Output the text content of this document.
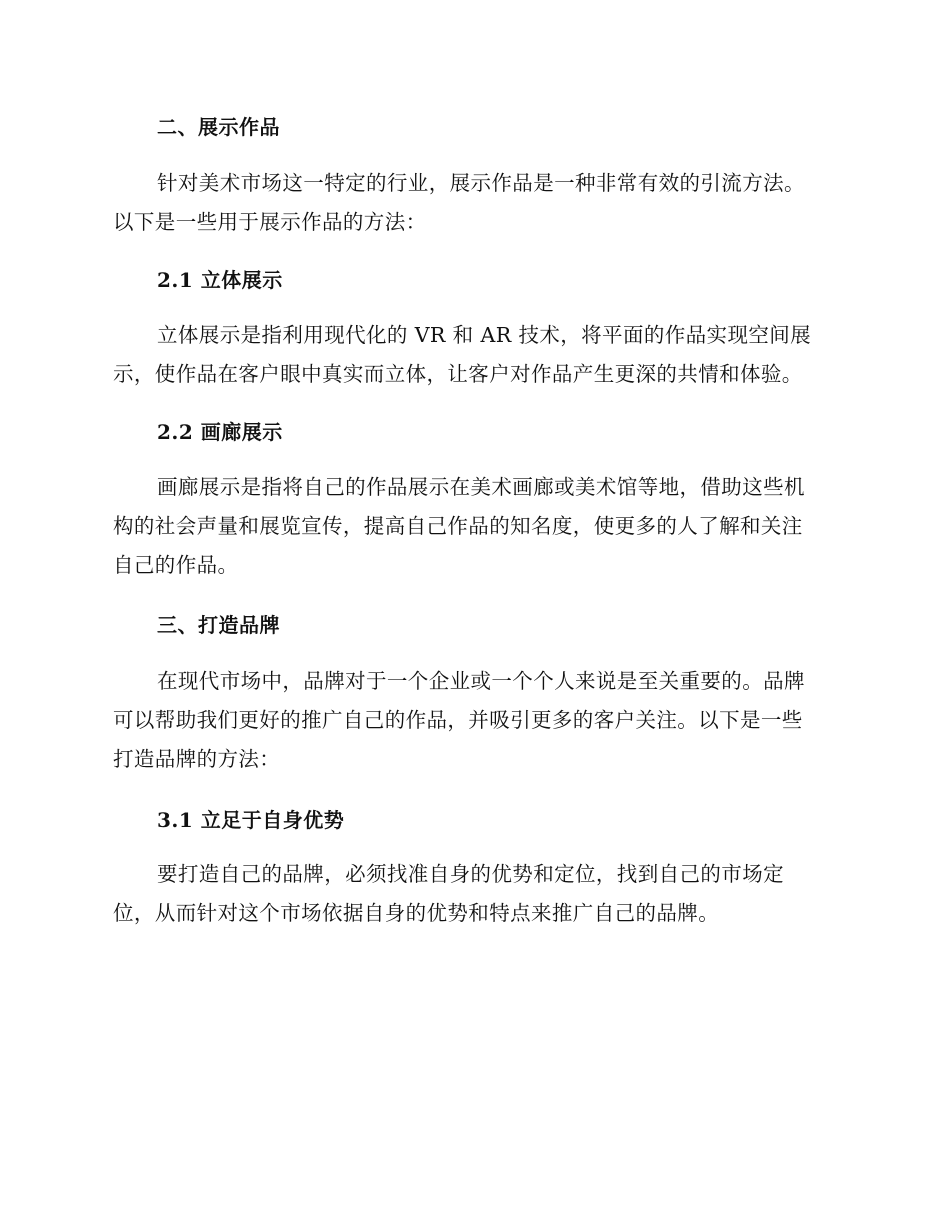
二、展示作品
针对美术市场这一特定的行业，展示作品是一种非常有效的引流方法。
以下是一些用于展示作品的方法：
2.1 立体展示
立体展示是指利用现代化的 VR 和 AR 技术，将平面的作品实现空间展
示，使作品在客户眼中真实而立体，让客户对作品产生更深的共情和体验。
2.2 画廊展示
画廊展示是指将自己的作品展示在美术画廊或美术馆等地，借助这些机
构的社会声量和展览宣传，提高自己作品的知名度，使更多的人了解和关注
自己的作品。
三、打造品牌
在现代市场中，品牌对于一个企业或一个个人来说是至关重要的。品牌
可以帮助我们更好的推广自己的作品，并吸引更多的客户关注。以下是一些
打造品牌的方法：
3.1 立足于自身优势
要打造自己的品牌，必须找准自身的优势和定位，找到自己的市场定
位，从而针对这个市场依据自身的优势和特点来推广自己的品牌。
